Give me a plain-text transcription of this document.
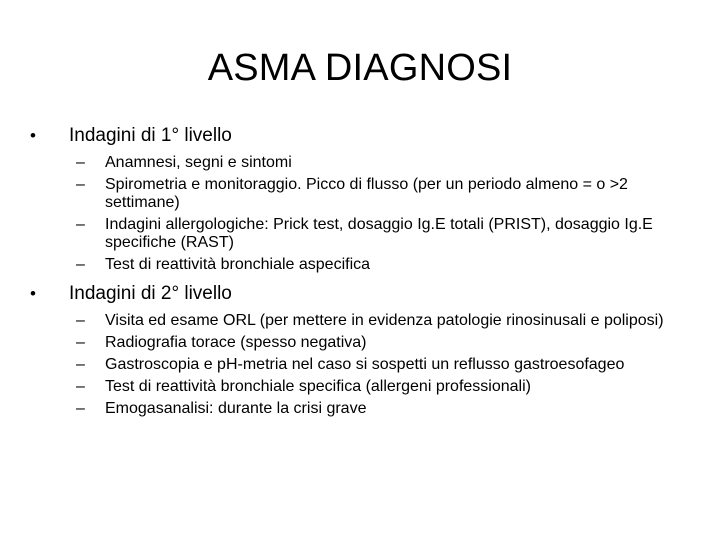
ASMA DIAGNOSI
•	Indagini di 1° livello
– Anamnesi, segni e sintomi
– Spirometria e monitoraggio. Picco di flusso (per un periodo almeno = o >2 settimane)
– Indagini allergologiche: Prick test, dosaggio Ig.E totali (PRIST), dosaggio Ig.E specifiche (RAST)
– Test di reattività bronchiale aspecifica
•	Indagini di 2° livello
– Visita ed esame ORL (per mettere in evidenza patologie rinosinusali e poliposi)
– Radiografia torace (spesso negativa)
– Gastroscopia e pH-metria nel caso si sospetti un reflusso gastroesofageo
– Test di reattività bronchiale specifica (allergeni professionali)
– Emogasanalisi: durante la crisi grave
